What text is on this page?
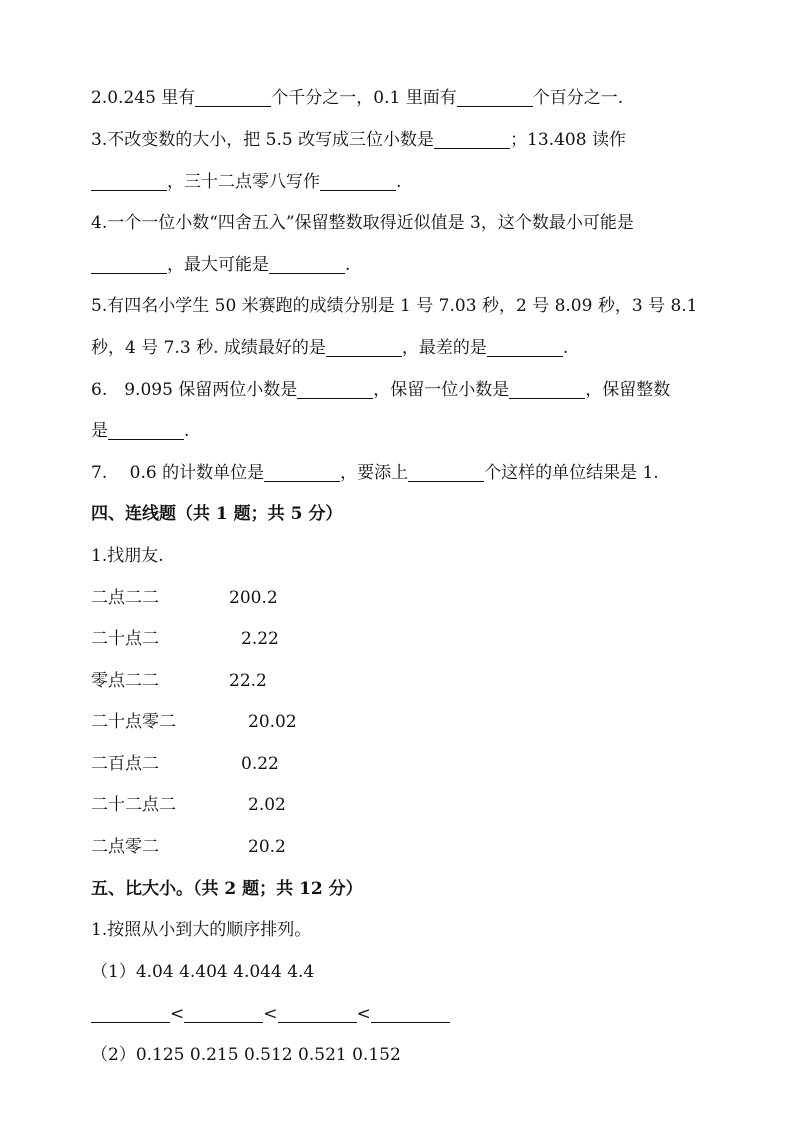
2.0.245 里有	个千分之一，0.1 里面有	个百分之一.
3.不改变数的大小，把 5.5 改写成三位小数是	；13.408 读作
，三十二点零八写作	.
4.一个一位小数“四舍五入”保留整数取得近似值是 3，这个数最小可能是
，最大可能是	.
5.有四名小学生 50 米赛跑的成绩分别是 1 号 7.03 秒，2 号 8.09 秒，3 号 8.1
秒，4 号 7.3 秒. 成绩最好的是	，最差的是	.
6.　9.095 保留两位小数是	，保留一位小数是	，保留整数
是	.
7.　 0.6 的计数单位是	，要添上	个这样的单位结果是 1.
四、连线题（共 1 题；共 5 分）
1.找朋友.
二点二二	200.2
二十点二	2.22
零点二二	22.2
二十点零二	20.02
二百点二	0.22
二十二点二	2.02
二点零二	20.2
五、比大小。（共 2 题；共 12 分）
1.按照从小到大的顺序排列。
（1）4.04 4.404 4.044 4.4
<	<	<
（2）0.125 0.215 0.512 0.521 0.152
